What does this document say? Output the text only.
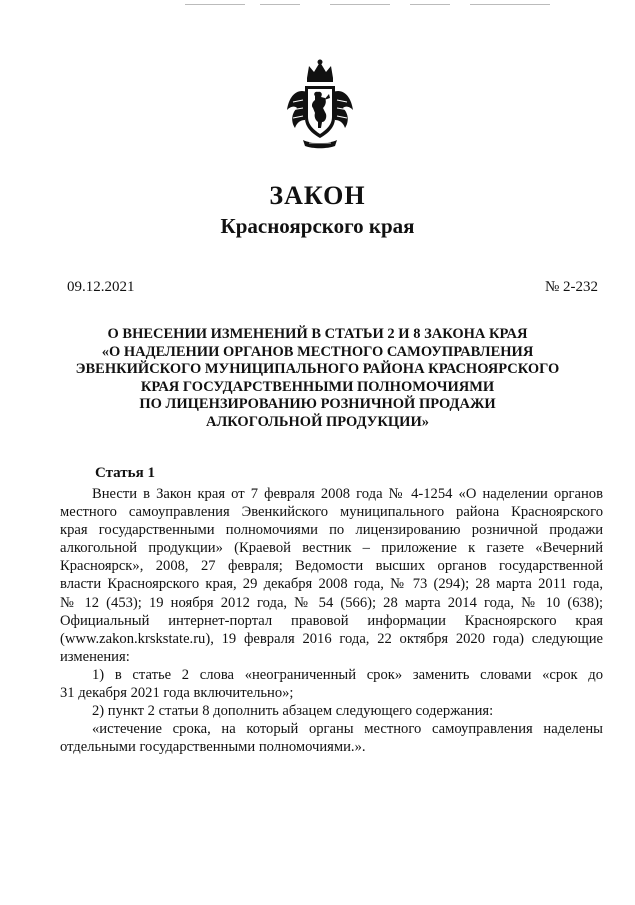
ЗАКОН
Красноярского края
09.12.2021	№ 2-232
О ВНЕСЕНИИ ИЗМЕНЕНИЙ В СТАТЬИ 2 И 8 ЗАКОНА КРАЯ
«О НАДЕЛЕНИИ ОРГАНОВ МЕСТНОГО САМОУПРАВЛЕНИЯ
ЭВЕНКИЙСКОГО МУНИЦИПАЛЬНОГО РАЙОНА КРАСНОЯРСКОГО
КРАЯ ГОСУДАРСТВЕННЫМИ ПОЛНОМОЧИЯМИ
ПО ЛИЦЕНЗИРОВАНИЮ РОЗНИЧНОЙ ПРОДАЖИ
АЛКОГОЛЬНОЙ ПРОДУКЦИИ»
Статья 1
Внести в Закон края от 7 февраля 2008 года № 4-1254 «О наделении органов
местного самоуправления Эвенкийского муниципального района Красноярского
края государственными полномочиями по лицензированию розничной продажи
алкогольной продукции» (Краевой вестник – приложение к газете «Вечерний
Красноярск», 2008, 27 февраля; Ведомости высших органов государственной
власти Красноярского края, 29 декабря 2008 года, № 73 (294); 28 марта 2011 года,
№ 12 (453); 19 ноября 2012 года, № 54 (566); 28 марта 2014 года, № 10 (638);
Официальный интернет-портал правовой информации Красноярского края
(www.zakon.krskstate.ru), 19 февраля 2016 года, 22 октября 2020 года) следующие
изменения:
1) в статье 2 слова «неограниченный срок» заменить словами «срок до
31 декабря 2021 года включительно»;
2) пункт 2 статьи 8 дополнить абзацем следующего содержания:
«истечение срока, на который органы местного самоуправления наделены
отдельными государственными полномочиями.».
